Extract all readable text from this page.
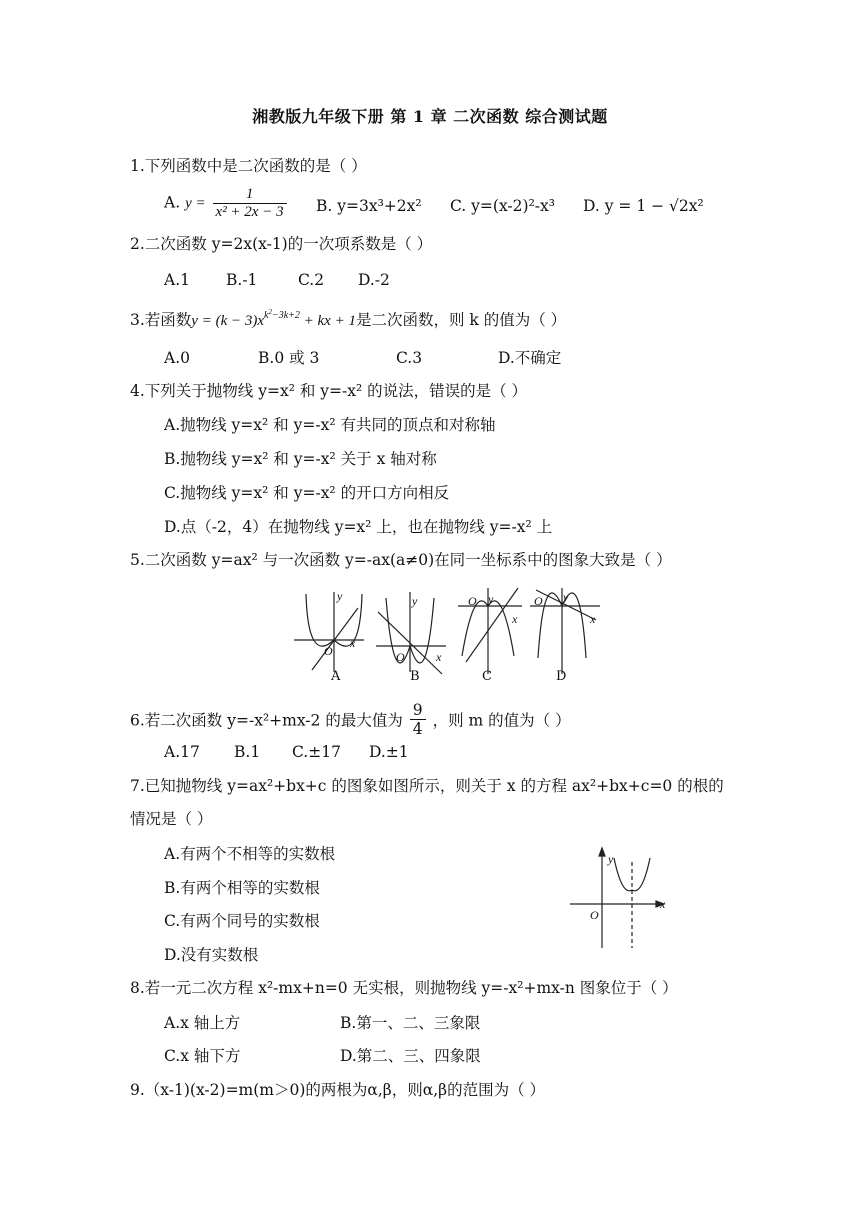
湘教版九年级下册 第 1 章 二次函数 综合测试题
1.下列函数中是二次函数的是（ ）
A. $y = \frac{1}{\text{x² + 2x − 3}} B$. y=3x³+2x² C. y=(x-2)²-x³ D. y = 1 − √2x²
2.二次函数 y=2x(x-1)的一次项系数是（ ）
A.1 B.-1	C.2 D.-2
3.若函数$y = (k - 3)x^{k^2-3k+2}$ + kx + 1是二次函数，则 k 的值为（ ）
A.0	B.0 或 3	C.3	D.不确定
4.下列关于抛物线 y=x² 和 y=-x² 的说法，错误的是（ ）
A.抛物线 y=x² 和 y=-x² 有共同的顶点和对称轴
B.抛物线 y=x² 和 y=-x² 关于 x 轴对称
C.抛物线 y=x² 和 y=-x² 的开口方向相反
D.点（-2，4）在抛物线 y=x² 上，也在抛物线 y=-x² 上
5.二次函数 y=ax² 与一次函数 y=-ax(a≠0)在同一坐标系中的图象大致是（ ）
A	B	C	D
y
x
O
y
x
O
y
x
O	y
x
O
6.若二次函数 y=-x²+mx-2 的最大值为 $\frac{9}{4}$ ，则 m 的值为（ ）
A.17 B.1 C.±17 D.±1
7.已知抛物线 y=ax²+bx+c 的图象如图所示，则关于 x 的方程 ax²+bx+c=0 的根的
情况是（ ）
A.有两个不相等的实数根
B.有两个相等的实数根
C.有两个同号的实数根
D.没有实数根
y
x
O
8.若一元二次方程 x²-mx+n=0 无实根，则抛物线 y=-x²+mx-n 图象位于（ ）
A.x 轴上方	B.第一、二、三象限
C.x 轴下方	D.第二、三、四象限
9.（x-1)(x-2)=m(m＞0)的两根为α,β，则α,β的范围为（ ）
